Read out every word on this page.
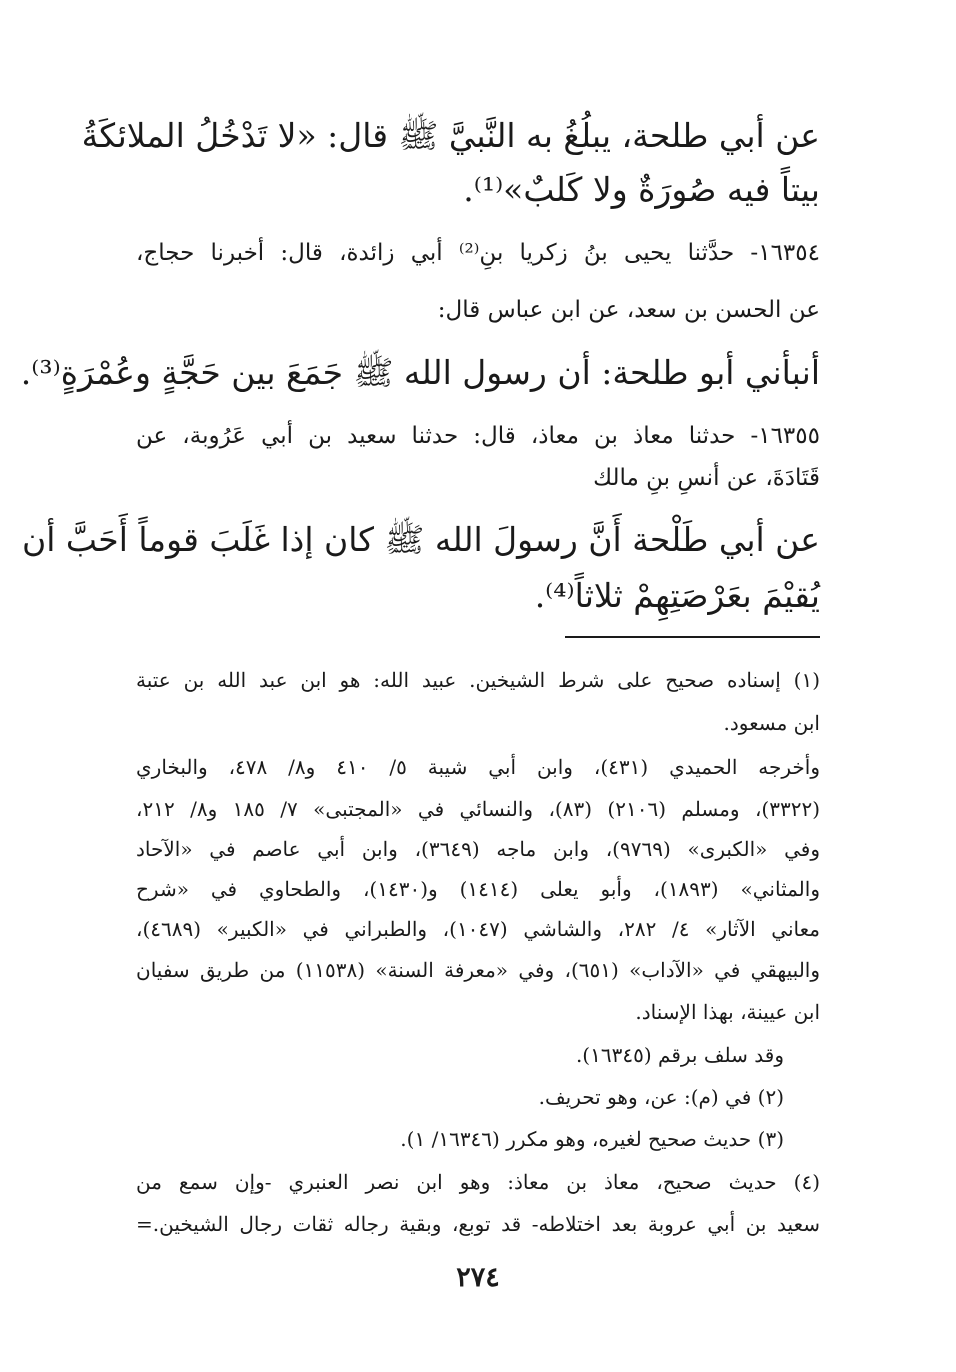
عن أبي طلحة، يبلُغُ به النَّبيَّ ﷺ قال: «لا تَدْخُلُ الملائكَةُ
بيتاً فيه صُورَةٌ ولا كَلبٌ»⁽¹⁾.
١٦٣٥٤- حدَّثنا يحيى بنُ زكريا بنِ⁽²⁾ أبي زائدة، قال: أخبرنا حجاج،
عن الحسن بن سعد، عن ابن عباس قال:
أنبأني أبو طلحة: أن رسول الله ﷺ جَمَعَ بين حَجَّةٍ وعُمْرَةٍ⁽³⁾.
١٦٣٥٥- حدثنا معاذ بن معاذ، قال: حدثنا سعيد بن أبي عَرُوبة، عن
قَتَادَةَ، عن أنسِ بنِ مالك
عن أبي طَلْحة أَنَّ رسولَ الله ﷺ كان إذا غَلَبَ قوماً أَحَبَّ أن
يُقيْمَ بعَرْصَتِهِمْ ثلاثاً⁽⁴⁾.
(١) إسناده صحيح على شرط الشيخين. عبيد الله: هو ابن عبد الله بن عتبة
ابن مسعود.
وأخرجه الحميدي (٤٣١)، وابن أبي شيبة ٥/ ٤١٠ و٨/ ٤٧٨، والبخاري
(٣٣٢٢)، ومسلم (٢١٠٦) (٨٣)، والنسائي في «المجتبى» ٧/ ١٨٥ و٨/ ٢١٢،
وفي «الكبرى» (٩٧٦٩)، وابن ماجه (٣٦٤٩)، وابن أبي عاصم في «الآحاد
والمثاني» (١٨٩٣)، وأبو يعلى (١٤١٤) و(١٤٣٠)، والطحاوي في «شرح
معاني الآثار» ٤/ ٢٨٢، والشاشي (١٠٤٧)، والطبراني في «الكبير» (٤٦٨٩)،
والبيهقي في «الآداب» (٦٥١)، وفي «معرفة السنة» (١١٥٣٨) من طريق سفيان
ابن عيينة، بهذا الإسناد.
وقد سلف برقم (١٦٣٤٥).
(٢) في (م): عن، وهو تحريف.
(٣) حديث صحيح لغيره، وهو مكرر (١٦٣٤٦/ ١).
(٤) حديث صحيح، معاذ بن معاذ: وهو ابن نصر العنبري -وإن سمع من
سعيد بن أبي عروبة بعد اختلاطه- قد توبع، وبقية رجاله ثقات رجال الشيخين.=
٢٧٤
